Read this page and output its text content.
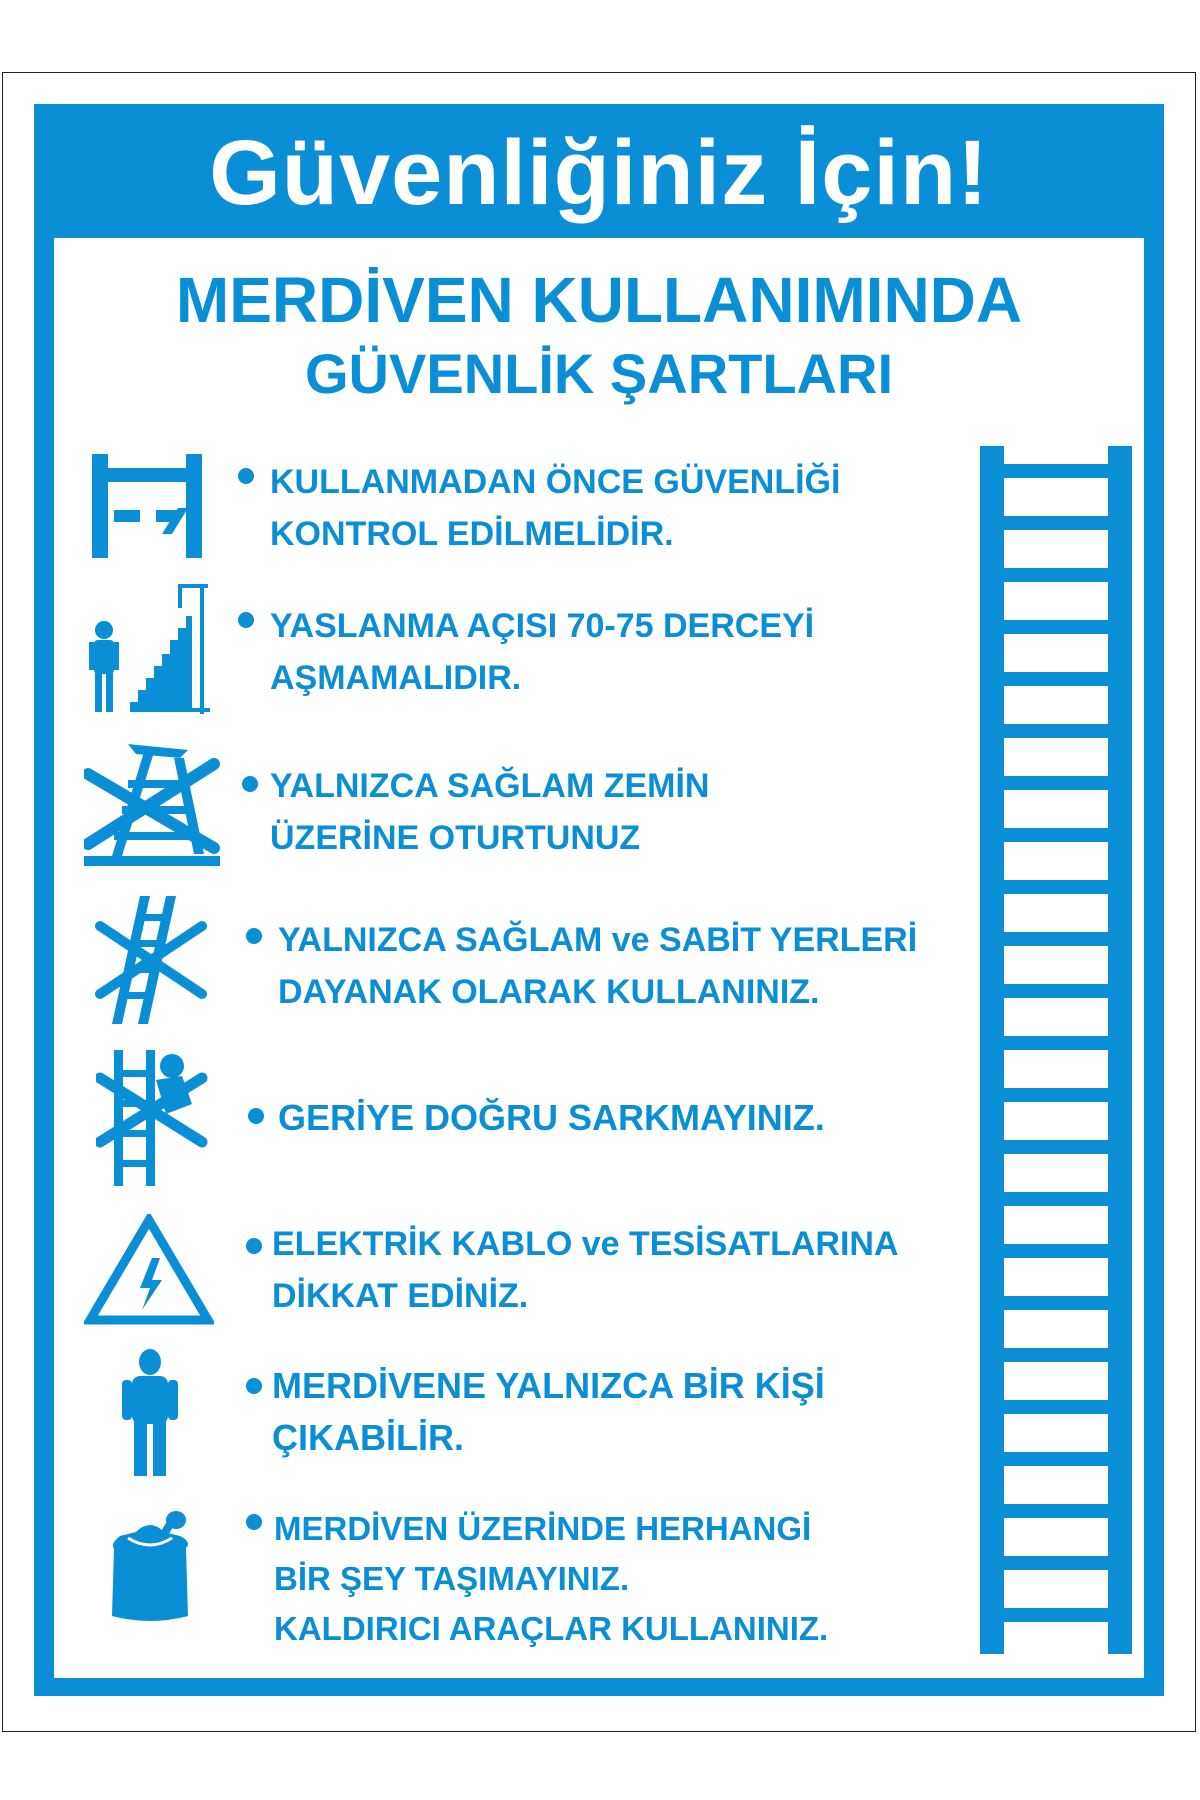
Güvenliğiniz İçin!
MERDİVEN KULLANIMINDA
GÜVENLİK ŞARTLARI
KULLANMADAN ÖNCE GÜVENLİĞİ
KONTROL EDİLMELİDİR.
YASLANMA AÇISI 70-75 DERCEYİ
AŞMAMALIDIR.
YALNIZCA SAĞLAM ZEMİN
ÜZERİNE OTURTUNUZ
YALNIZCA SAĞLAM ve SABİT YERLERİ
DAYANAK OLARAK KULLANINIZ.
GERİYE DOĞRU SARKMAYINIZ.
ELEKTRİK KABLO ve TESİSATLARINA
DİKKAT EDİNİZ.
MERDİVENE YALNIZCA BİR KİŞİ
ÇIKABİLİR.
MERDİVEN ÜZERİNDE HERHANGİ
BİR ŞEY TAŞIMAYINIZ.
KALDIRICI ARAÇLAR KULLANINIZ.
